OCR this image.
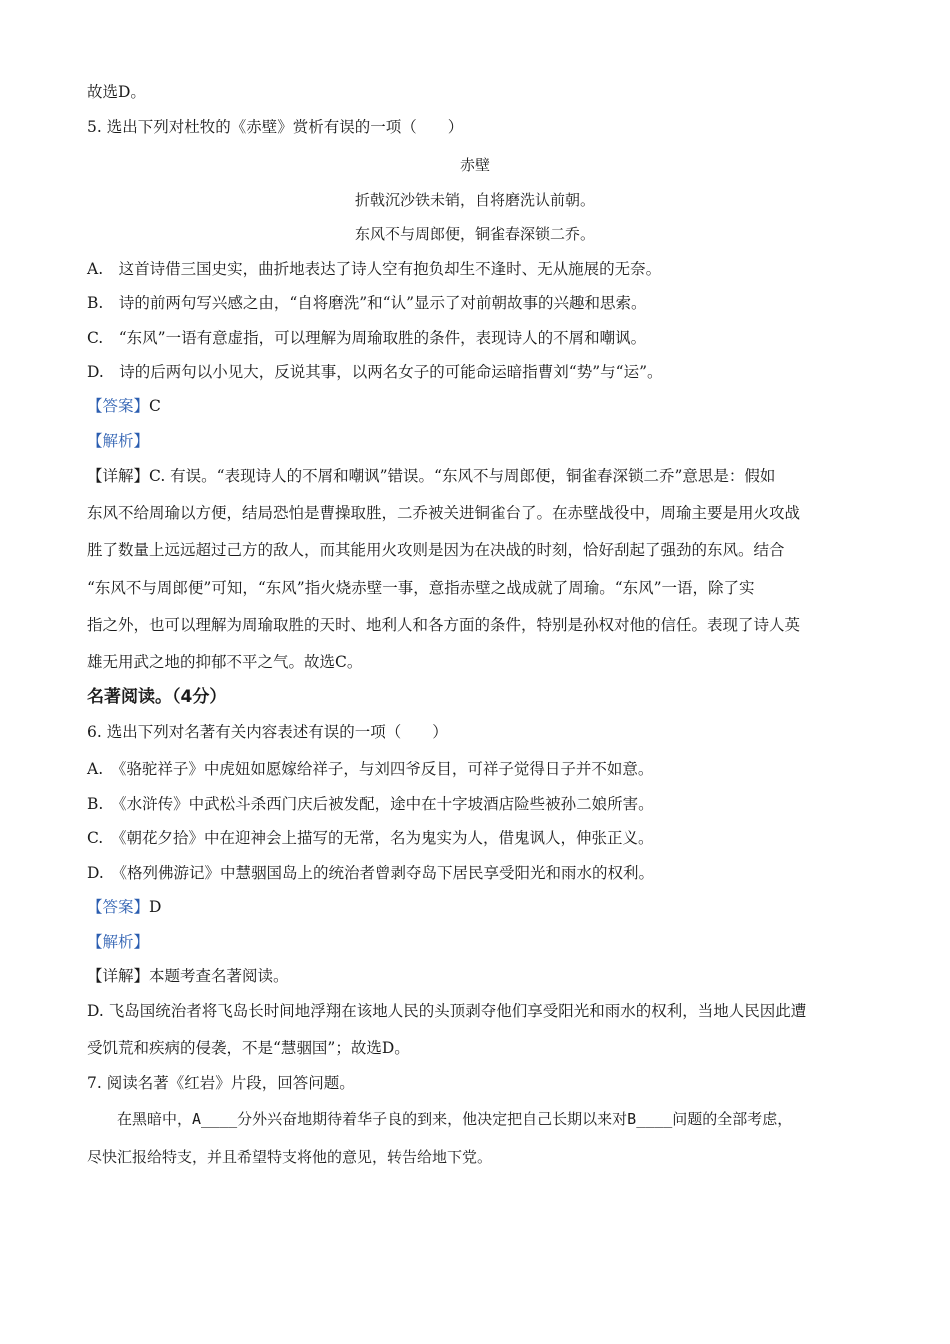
故选D。
5. 选出下列对杜牧的《赤壁》赏析有误的一项（　　）
赤壁
折戟沉沙铁未销，自将磨洗认前朝。
东风不与周郎便，铜雀春深锁二乔。
A.　这首诗借三国史实，曲折地表达了诗人空有抱负却生不逢时、无从施展的无奈。
B.　诗的前两句写兴感之由，“自将磨洗”和“认”显示了对前朝故事的兴趣和思索。
C.　“东风”一语有意虚指，可以理解为周瑜取胜的条件，表现诗人的不屑和嘲讽。
D.　诗的后两句以小见大，反说其事，以两名女子的可能命运暗指曹刘“势”与“运”。
【答案】C
【解析】
【详解】C. 有误。“表现诗人的不屑和嘲讽”错误。“东风不与周郎便，铜雀春深锁二乔”意思是：假如
东风不给周瑜以方便，结局恐怕是曹操取胜，二乔被关进铜雀台了。在赤壁战役中，周瑜主要是用火攻战
胜了数量上远远超过己方的敌人，而其能用火攻则是因为在决战的时刻，恰好刮起了强劲的东风。结合
“东风不与周郎便”可知，“东风”指火烧赤壁一事，意指赤壁之战成就了周瑜。“东风”一语，除了实
指之外，也可以理解为周瑜取胜的天时、地利人和各方面的条件，特别是孙权对他的信任。表现了诗人英
雄无用武之地的抑郁不平之气。故选C。
名著阅读。（4分）
6. 选出下列对名著有关内容表述有误的一项（　　）
A.　《骆驼祥子》中虎妞如愿嫁给祥子，与刘四爷反目，可祥子觉得日子并不如意。
B.　《水浒传》中武松斗杀西门庆后被发配，途中在十字坡酒店险些被孙二娘所害。
C.　《朝花夕拾》中在迎神会上描写的无常，名为鬼实为人，借鬼讽人，伸张正义。
D.　《格列佛游记》中慧骃国岛上的统治者曾剥夺岛下居民享受阳光和雨水的权利。
【答案】D
【解析】
【详解】本题考查名著阅读。
D. 飞岛国统治者将飞岛长时间地浮翔在该地人民的头顶剥夺他们享受阳光和雨水的权利，当地人民因此遭
受饥荒和疾病的侵袭，不是“慧骃国”；故选D。
7. 阅读名著《红岩》片段，回答问题。
　　在黑暗中，A____分外兴奋地期待着华子良的到来，他决定把自己长期以来对B____问题的全部考虑，
尽快汇报给特支，并且希望特支将他的意见，转告给地下党。
